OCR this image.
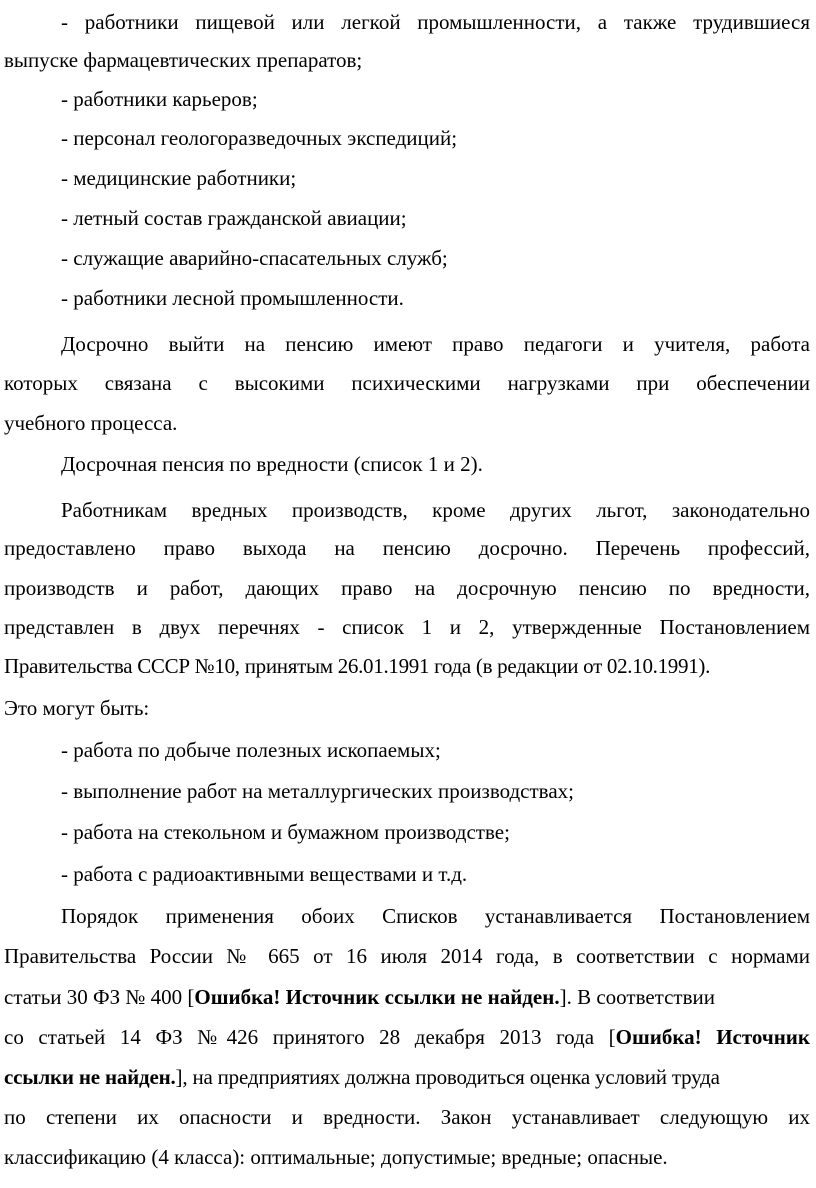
- работники пищевой или легкой промышленности, а также трудившиеся
выпуске фармацевтических препаратов;
- работники карьеров;
- персонал геологоразведочных экспедиций;
- медицинские работники;
- летный состав гражданской авиации;
- служащие аварийно-спасательных служб;
- работники лесной промышленности.
Досрочно выйти на пенсию имеют право педагоги и учителя, работа
которых связана с высокими психическими нагрузками при обеспечении
учебного процесса.
Досрочная пенсия по вредности (список 1 и 2).
Работникам вредных производств, кроме других льгот, законодательно
предоставлено право выхода на пенсию досрочно. Перечень профессий,
производств и работ, дающих право на досрочную пенсию по вредности,
представлен в двух перечнях - список 1 и 2, утвержденные Постановлением
Правительства СССР №10, принятым 26.01.1991 года (в редакции от 02.10.1991).
Это могут быть:
- работа по добыче полезных ископаемых;
- выполнение работ на металлургических производствах;
- работа на стекольном и бумажном производстве;
- работа с радиоактивными веществами и т.д.
Порядок применения обоих Списков устанавливается Постановлением
Правительства России № 665 от 16 июля 2014 года, в соответствии с нормами
статьи 30 ФЗ № 400 [Ошибка! Источник ссылки не найден.]. В соответствии
со статьей 14 ФЗ №426 принятого 28 декабря 2013 года [Ошибка! Источник
ссылки не найден.], на предприятиях должна проводиться оценка условий труда
по степени их опасности и вредности. Закон устанавливает следующую их
классификацию (4 класса): оптимальные; допустимые; вредные; опасные.
